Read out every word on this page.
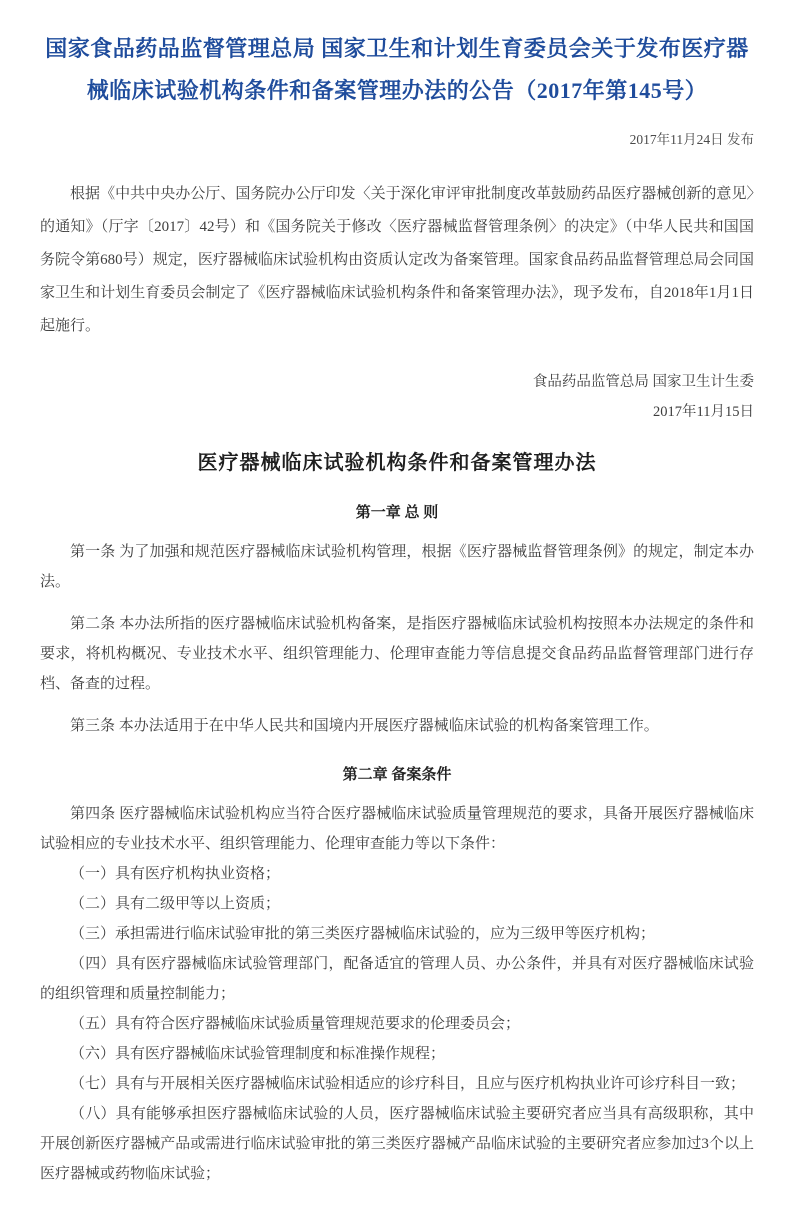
国家食品药品监督管理总局 国家卫生和计划生育委员会关于发布医疗器械临床试验机构条件和备案管理办法的公告（2017年第145号）
2017年11月24日 发布

根据《中共中央办公厅、国务院办公厅印发〈关于深化审评审批制度改革鼓励药品医疗器械创新的意见〉的通知》（厅字〔2017〕42号）和《国务院关于修改〈医疗器械监督管理条例〉的决定》（中华人民共和国国务院令第680号）规定，医疗器械临床试验机构由资质认定改为备案管理。国家食品药品监督管理总局会同国家卫生和计划生育委员会制定了《医疗器械临床试验机构条件和备案管理办法》，现予发布，自2018年1月1日起施行。

食品药品监管总局 国家卫生计生委
2017年11月15日
医疗器械临床试验机构条件和备案管理办法
第一章 总 则

第一条 为了加强和规范医疗器械临床试验机构管理，根据《医疗器械监督管理条例》的规定，制定本办法。

第二条 本办法所指的医疗器械临床试验机构备案，是指医疗器械临床试验机构按照本办法规定的条件和要求，将机构概况、专业技术水平、组织管理能力、伦理审查能力等信息提交食品药品监督管理部门进行存档、备查的过程。

第三条 本办法适用于在中华人民共和国境内开展医疗器械临床试验的机构备案管理工作。

第二章 备案条件

第四条 医疗器械临床试验机构应当符合医疗器械临床试验质量管理规范的要求，具备开展医疗器械临床试验相应的专业技术水平、组织管理能力、伦理审查能力等以下条件：

（一）具有医疗机构执业资格；

（二）具有二级甲等以上资质；

（三）承担需进行临床试验审批的第三类医疗器械临床试验的，应为三级甲等医疗机构；

（四）具有医疗器械临床试验管理部门，配备适宜的管理人员、办公条件，并具有对医疗器械临床试验的组织管理和质量控制能力；

（五）具有符合医疗器械临床试验质量管理规范要求的伦理委员会；

（六）具有医疗器械临床试验管理制度和标准操作规程；

（七）具有与开展相关医疗器械临床试验相适应的诊疗科目，且应与医疗机构执业许可诊疗科目一致；

（八）具有能够承担医疗器械临床试验的人员，医疗器械临床试验主要研究者应当具有高级职称，其中开展创新医疗器械产品或需进行临床试验审批的第三类医疗器械产品临床试验的主要研究者应参加过3个以上医疗器械或药物临床试验；
